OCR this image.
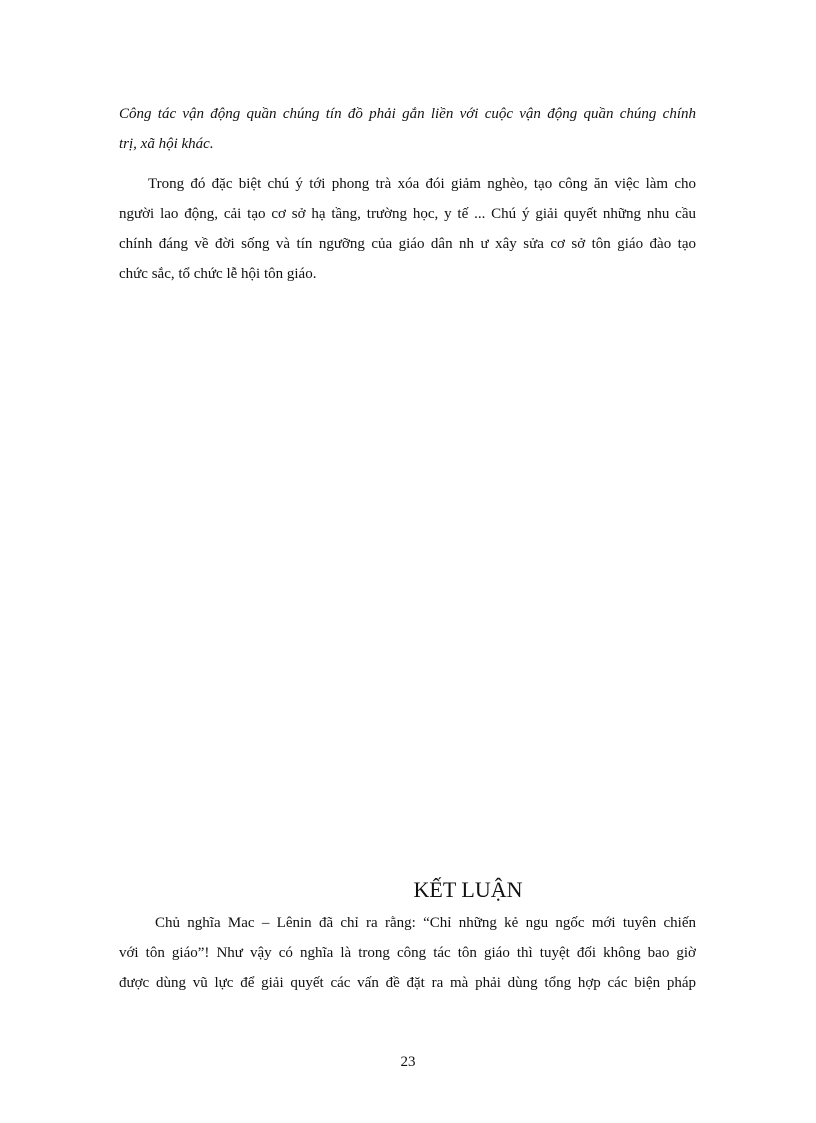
Công tác vận động quần chúng tín đồ phải gắn liền với cuộc vận động quần chúng chính
trị, xã hội khác.
Trong đó đặc biệt chú ý tới phong trà xóa đói giảm nghèo, tạo công ăn việc làm cho
người lao động, cải tạo cơ sở hạ tầng, trường học, y tế ... Chú ý giải quyết những nhu cầu
chính đáng về đời sống và tín ngưỡng của giáo dân nh ư xây sửa cơ sở tôn giáo đào tạo
chức sắc, tổ chức lễ hội tôn giáo.
KẾT LUẬN
Chủ nghĩa Mac – Lênin đã chỉ ra rằng: “Chỉ những kẻ ngu ngốc mới tuyên chiến
với tôn giáo”! Như vậy có nghĩa là trong công tác tôn giáo thì tuyệt đối không bao giờ
được dùng vũ lực để giải quyết các vấn đề đặt ra mà phải dùng tổng hợp các biện pháp
23
